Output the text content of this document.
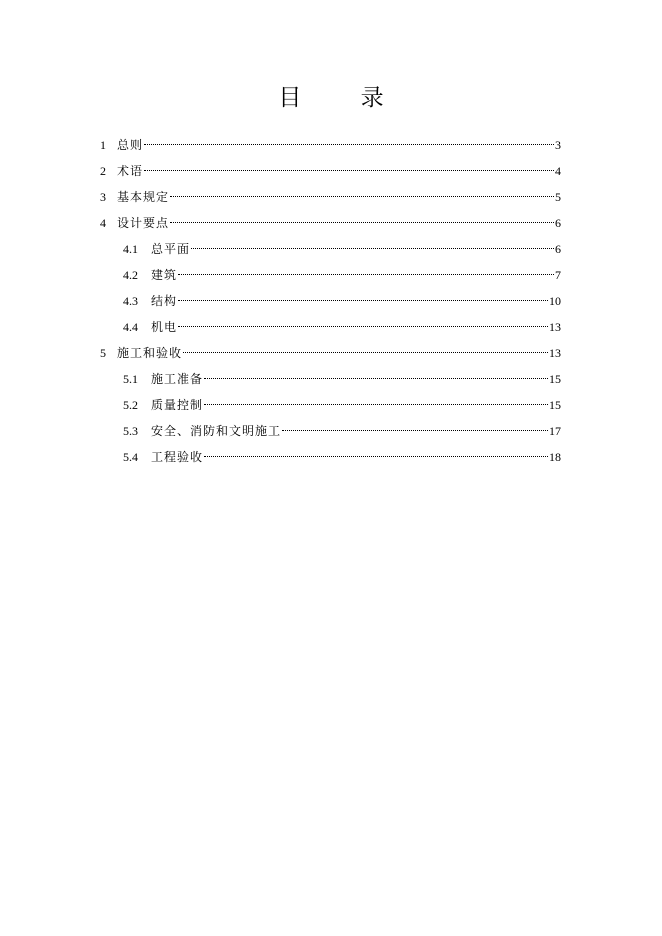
目 录
1 总则	3
2 术语	4
3 基本规定	5
4 设计要点	6
4.1	总平面	6
4.2	建筑	7
4.3	结构	10
4.4	机电	13
5 施工和验收	13
5.1	施工准备	15
5.2	质量控制	15
5.3	安全、消防和文明施工	17
5.4	工程验收	18
